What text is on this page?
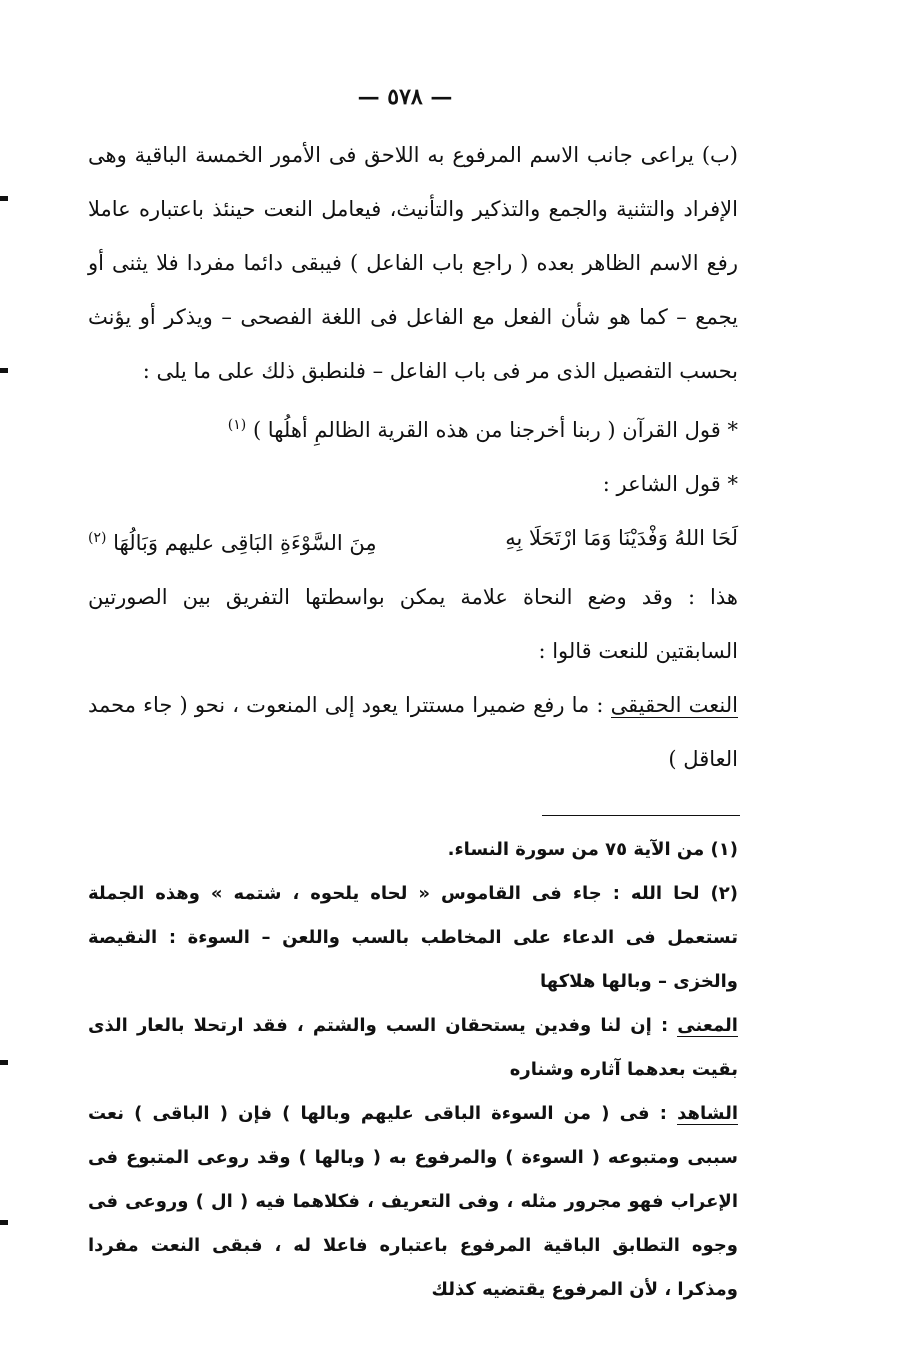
— ٥٧٨ —

(ب) يراعى جانب الاسم المرفوع به اللاحق فى الأمور الخمسة الباقية وهى الإفراد والتثنية والجمع والتذكير والتأنيث، فيعامل النعت حينئذ باعتباره عاملا رفع الاسم الظاهر بعده ( راجع باب الفاعل ) فيبقى دائما مفردا فلا يثنى أو يجمع – كما هو شأن الفعل مع الفاعل فى اللغة الفصحى – ويذكر أو يؤنث بحسب التفصيل الذى مر فى باب الفاعل – فلنطبق ذلك على ما يلى :

* قول القرآن ( ربنا أخرجنا من هذه القرية الظالمِ أهلُها ) $^{(١)}$

* قول الشاعر :

لَحَا اللهُ وَفْدَيْنَا وَمَا ارْتَحَلَا بِهِ
مِنَ السَّوْءَةِ البَاقِى عليهم وَبَالُهَا $^{(٢)}$

هذا : وقد وضع النحاة علامة يمكن بواسطتها التفريق بين الصورتين السابقتين للنعت قالوا :

النعت الحقيقى : ما رفع ضميرا مستترا يعود إلى المنعوت ، نحو ( جاء محمد العاقل )

(١) من الآية ٧٥ من سورة النساء.

(٢) لحا الله : جاء فى القاموس « لحاه يلحوه ، شتمه » وهذه الجملة تستعمل فى الدعاء على المخاطب بالسب واللعن – السوءة : النقيصة والخزى – وبالها هلاكها

المعنى : إن لنا وفدين يستحقان السب والشتم ، فقد ارتحلا بالعار الذى بقيت بعدهما آثاره وشناره

الشاهد : فى ( من السوءة الباقى عليهم وبالها ) فإن ( الباقى ) نعت سببى ومتبوعه ( السوءة ) والمرفوع به ( وبالها ) وقد روعى المتبوع فى الإعراب فهو مجرور مثله ، وفى التعريف ، فكلاهما فيه ( ال ) وروعى فى وجوه التطابق الباقية المرفوع باعتباره فاعلا له ، فبقى النعت مفردا ومذكرا ، لأن المرفوع يقتضيه كذلك
